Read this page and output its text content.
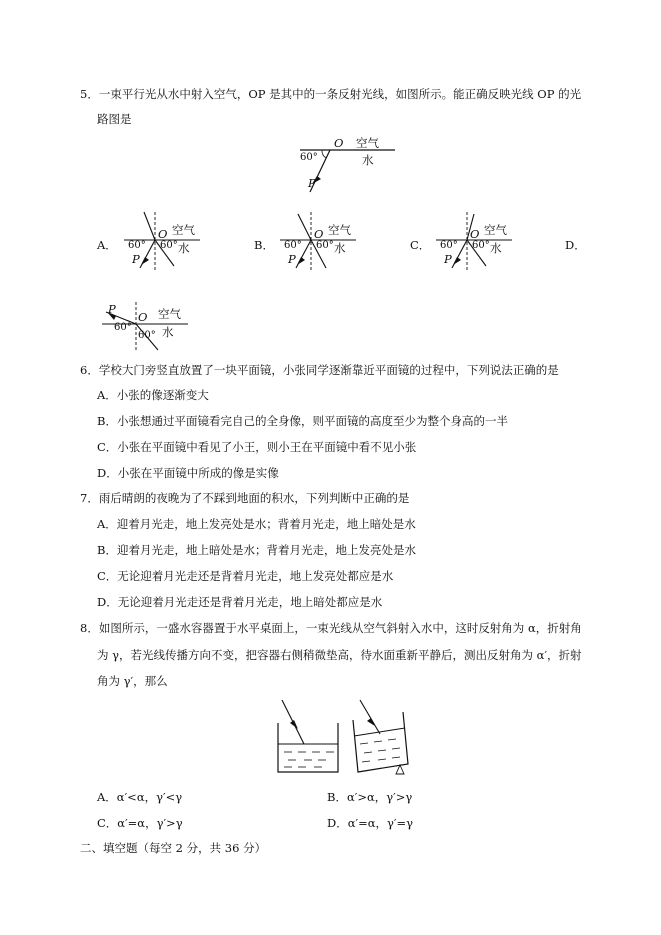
5．一束平行光从水中射入空气，OP 是其中的一条反射光线，如图所示。能正确反映光线 OP 的光
路图是
O 空气
水
60°
P
A．
O 空气
水
60° 60°
P
B．
O 空气
水
60° 60°
P
C．
O 空气
水
60° 60°
P
D．
O 空气
水
60°
60°
P
6．学校大门旁竖直放置了一块平面镜，小张同学逐渐靠近平面镜的过程中，下列说法正确的是
A．小张的像逐渐变大
B．小张想通过平面镜看完自己的全身像，则平面镜的高度至少为整个身高的一半
C．小张在平面镜中看见了小王，则小王在平面镜中看不见小张
D．小张在平面镜中所成的像是实像
7．雨后晴朗的夜晚为了不踩到地面的积水，下列判断中正确的是
A．迎着月光走，地上发亮处是水；背着月光走，地上暗处是水
B．迎着月光走，地上暗处是水；背着月光走，地上发亮处是水
C．无论迎着月光走还是背着月光走，地上发亮处都应是水
D．无论迎着月光走还是背着月光走，地上暗处都应是水
8．如图所示，一盛水容器置于水平桌面上，一束光线从空气斜射入水中，这时反射角为 α，折射角
为 γ，若光线传播方向不变，把容器右侧稍微垫高，待水面重新平静后，测出反射角为 α′，折射
角为 γ′，那么
A．α′<α，γ′<γ	B．α′>α，γ′>γ
C．α′=α，γ′>γ	D．α′=α，γ′=γ
二、填空题（每空 2 分，共 36 分）
